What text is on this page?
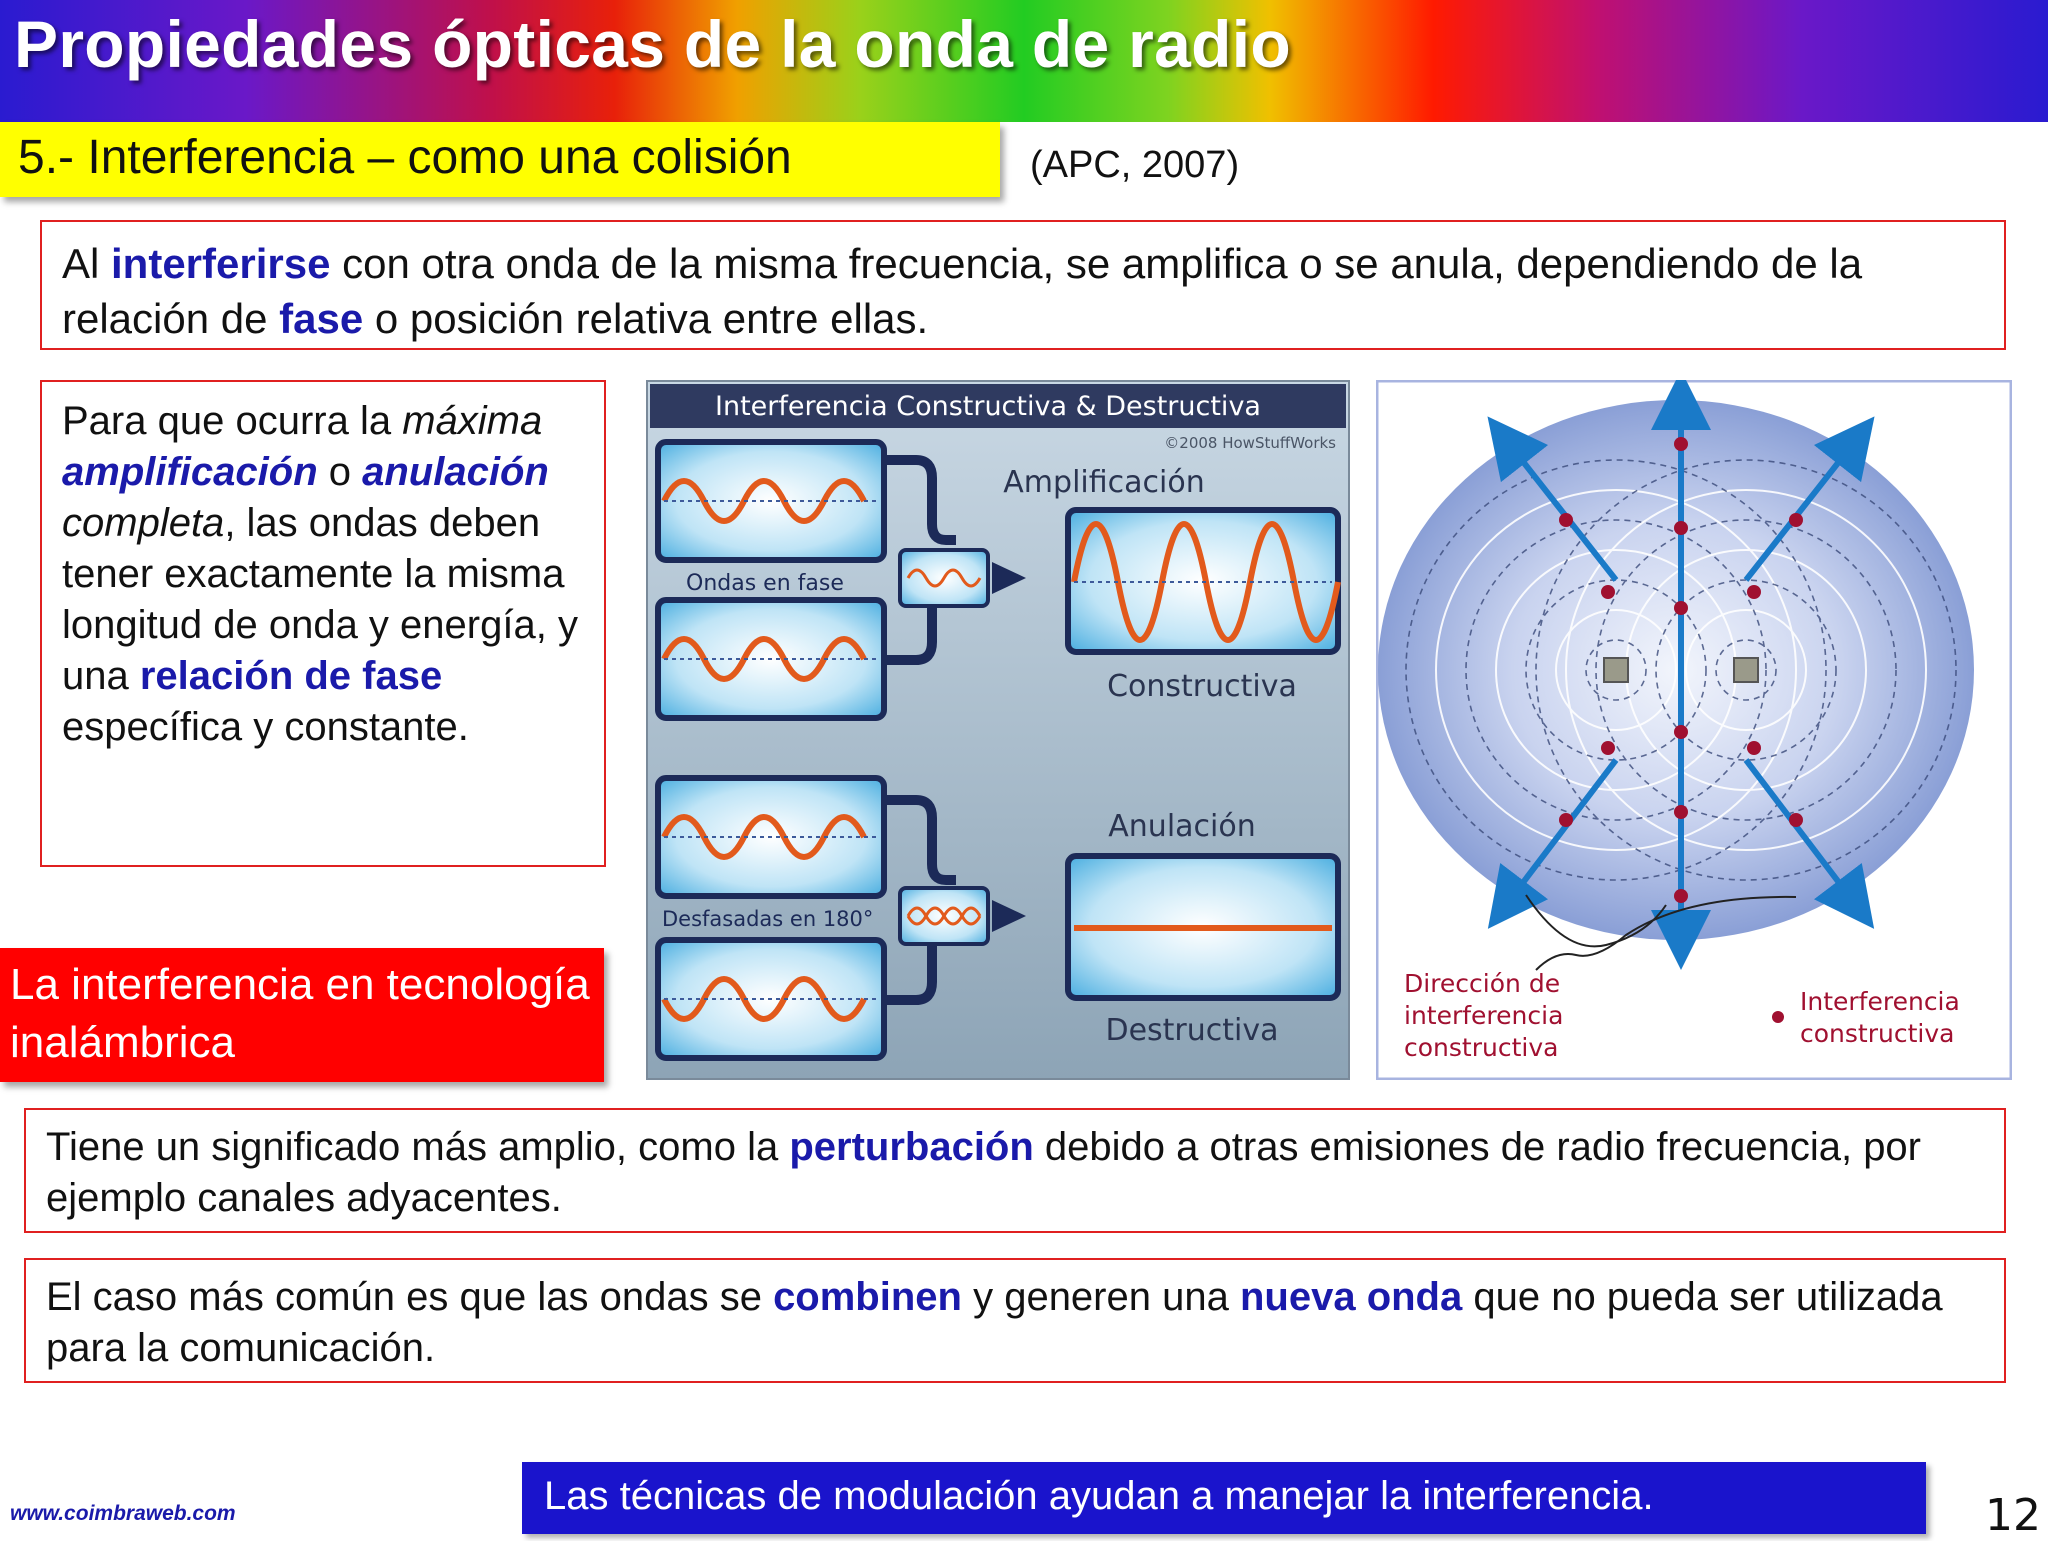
Propiedades ópticas de la onda de radio
5.- Interferencia – como una colisión	(APC, 2007)

Al interferirse con otra onda de la misma frecuencia, se amplifica o se anula, dependiendo de la relación de fase o posición relativa entre ellas.

Para que ocurra la máxima amplificación o anulación completa, las ondas deben tener exactamente la misma longitud de onda y energía, y una relación de fase específica y constante.

La interferencia en tecnología inalámbrica
Interferencia Constructiva & Destructiva
©2008 HowStuffWorks
Ondas en fase
Amplificación
Constructiva
Desfasadas en 180°
Anulación
Destructiva
Dirección de
interferencia
constructiva
Interferencia
constructiva

Tiene un significado más amplio, como la perturbación debido a otras emisiones de radio frecuencia, por ejemplo canales adyacentes.

El caso más común es que las ondas se combinen y generen una nueva onda que no pueda ser utilizada para la comunicación.

www.coimbraweb.com	Las técnicas de modulación ayudan a manejar la interferencia.	12
